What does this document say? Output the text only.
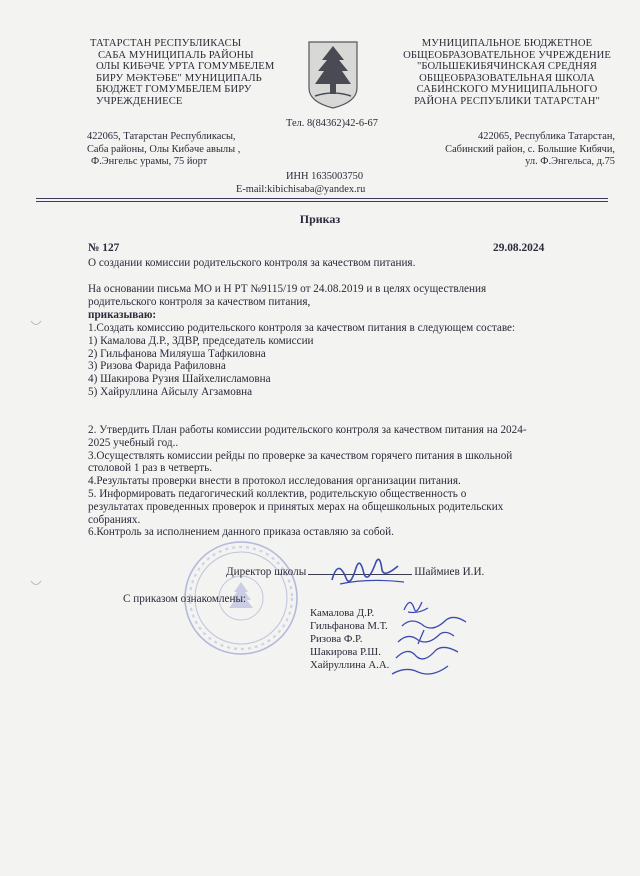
ТАТАРСТАН РЕСПУБЛИКАСЫ
САБА МУНИЦИПАЛЬ РАЙОНЫ
ОЛЫ КИБӘЧЕ УРТА ГОМУМБЕЛЕМ
БИРУ МӘКТӘБЕ" МУНИЦИПАЛЬ
БЮДЖЕТ ГОМУМБЕЛЕМ БИРУ
УЧРЕЖДЕНИЕСЕ
МУНИЦИПАЛЬНОЕ БЮДЖЕТНОЕ
ОБЩЕОБРАЗОВАТЕЛЬНОЕ УЧРЕЖДЕНИЕ
"БОЛЬШЕКИБЯЧИНСКАЯ СРЕДНЯЯ
ОБЩЕОБРАЗОВАТЕЛЬНАЯ ШКОЛА
САБИНСКОГО МУНИЦИПАЛЬНОГО
РАЙОНА РЕСПУБЛИКИ ТАТАРСТАН"
Тел. 8(84362)42-6-67
422065, Татарстан Республикасы,
Саба районы, Олы Кибәче авылы ,
Ф.Энгельс урамы, 75 йорт
422065, Республика Татарстан,
Сабинский район, с. Большие Кибячи,
ул. Ф.Энгельса, д.75
ИНН 1635003750
E-mail:kibichisaba@yandex.ru
Приказ
№ 127	29.08.2024
О создании комиссии родительского контроля за качеством питания.
На основании письма МО и Н РТ №9115/19 от 24.08.2019 и в целях осуществления
родительского контроля за качеством питания,
приказываю:
1.Создать комиссию родительского контроля за качеством питания в следующем составе:
1) Камалова Д.Р., ЗДВР, председатель комиссии
2) Гильфанова Миляуша Тафкиловна
3) Ризова Фарида Рафиловна
4) Шакирова Рузия Шайхелисламовна
5) Хайруллина Айсылу Агзамовна
2. Утвердить План работы комиссии родительского контроля за качеством питания на 2024-
2025 учебный год..
3.Осуществлять комиссии рейды по проверке за качеством горячего питания в школьной
столовой 1 раз в четверть.
4.Результаты проверки внести в протокол исследования организации питания.
5. Информировать педагогический коллектив, родительскую общественность о
результатах проведенных проверок и принятых мерах на общешкольных родительских
собраниях.
6.Контроль за исполнением данного приказа оставляю за собой.
Директор школы	Шаймиев И.И.
С приказом ознакомлены:
Камалова Д.Р.
Гильфанова М.Т.
Ризова Ф.Р.
Шакирова Р.Ш.
Хайруллина А.А.
